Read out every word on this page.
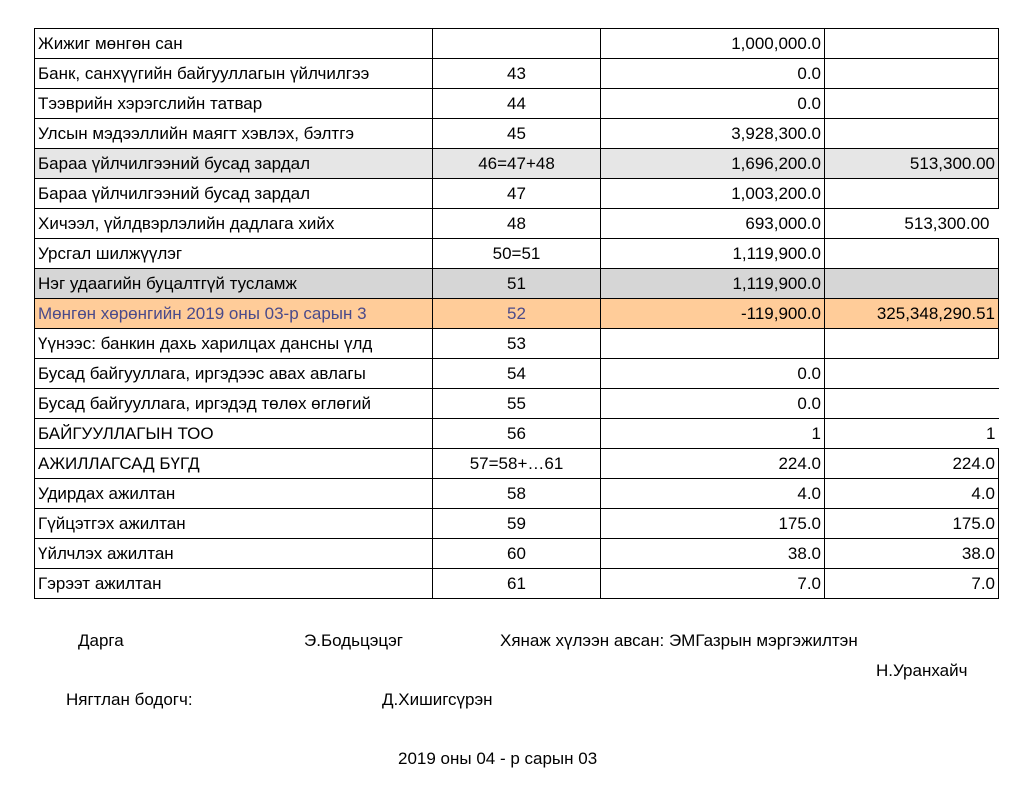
Жижиг мөнгөн сан		1,000,000.0	
Банк, санхүүгийн байгууллагын үйлчилгээ	43	0.0	
Тээврийн хэрэгслийн татвар	44	0.0	
Улсын мэдээллийн маягт хэвлэх, бэлтгэ	45	3,928,300.0	
Бараа үйлчилгээний бусад зардал	46=47+48	1,696,200.0	513,300.00
Бараа үйлчилгээний бусад зардал	47	1,003,200.0	
Хичээл, үйлдвэрлэлийн дадлага хийх	48	693,000.0	513,300.00
Урсгал шилжүүлэг	50=51	1,119,900.0	
Нэг удаагийн буцалтгүй тусламж	51	1,119,900.0	
Мөнгөн хөрөнгийн 2019 оны 03-р сарын 3	52	-119,900.0	325,348,290.51
Үүнээс: банкин дахь харилцах дансны үлд	53		
Бусад байгууллага, иргэдээс авах авлагы	54	0.0	
Бусад байгууллага, иргэдэд төлөх өглөгий	55	0.0	
БАЙГУУЛЛАГЫН ТОО	56	1	1
АЖИЛЛАГСАД БҮГД	57=58+…61	224.0	224.0
Удирдах ажилтан	58	4.0	4.0
Гүйцэтгэх ажилтан	59	175.0	175.0
Үйлчлэх ажилтан	60	38.0	38.0
Гэрээт ажилтан	61	7.0	7.0
Дарга	Э.Бодьцэцэг	Хянаж хүлээн авсан: ЭМГазрын мэргэжилтэн
Н.Уранхайч
Нягтлан бодогч:	Д.Хишигсүрэн
2019 оны 04 - р сарын 03
